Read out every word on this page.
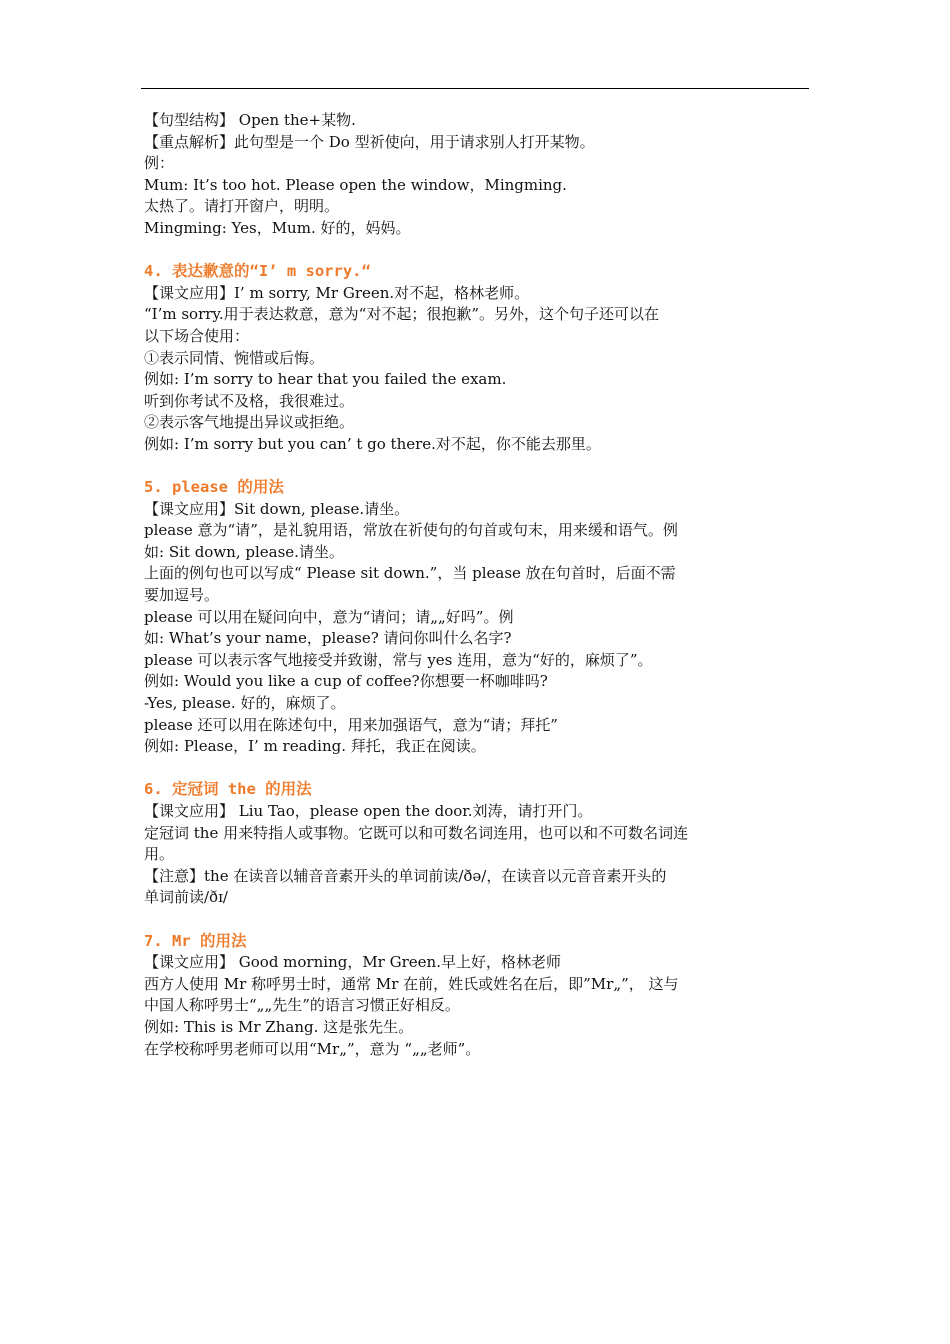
【句型结构】 Open the+某物.
【重点解析】此句型是一个 Do 型祈使向，用于请求别人打开某物。
例：
Mum: It’s too hot. Please open the window，Mingming.
太热了。请打开窗户，明明。
Mingming: Yes，Mum. 好的，妈妈。
4. 表达歉意的“I’ m sorry.“
【课文应用】I’ m sorry, Mr Green.对不起，格林老师。
“I’m sorry.用于表达救意，意为“对不起；很抱歉”。另外，这个句子还可以在
以下场合使用：
①表示同情、惋惜或后悔。
例如: I’m sorry to hear that you failed the exam.
听到你考试不及格，我很难过。
②表示客气地提出异议或拒绝。
例如: I’m sorry but you can’ t go there.对不起，你不能去那里。
5. please 的用法
【课文应用】Sit down, please.请坐。
please 意为“请”，是礼貌用语，常放在祈使句的句首或句末，用来缓和语气。例
如: Sit down, please.请坐。
上面的例句也可以写成“ Please sit down.”，当 please 放在句首时，后面不需
要加逗号。
please 可以用在疑问向中，意为“请问；请„„好吗”。例
如: What’s your name，please? 请问你叫什么名字?
please 可以表示客气地接受并致谢，常与 yes 连用，意为“好的，麻烦了”。
例如: Would you like a cup of coffee?你想要一杯咖啡吗?
-Yes, please. 好的，麻烦了。
please 还可以用在陈述句中，用来加强语气，意为“请；拜托”
例如: Please，I’ m reading. 拜托，我正在阅读。
6. 定冠词 the 的用法
【课文应用】 Liu Tao，please open the door.刘涛，请打开门。
定冠词 the 用来特指人或事物。它既可以和可数名词连用，也可以和不可数名词连
用。
【注意】the 在读音以辅音音素开头的单词前读/ðə/，在读音以元音音素开头的
单词前读/ðɪ/
7. Mr 的用法
【课文应用】 Good morning，Mr Green.早上好，格林老师
西方人使用 Mr 称呼男士时，通常 Mr 在前，姓氏或姓名在后，即”Mr„”， 这与
中国人称呼男士“„„先生”的语言习惯正好相反。
例如: This is Mr Zhang. 这是张先生。
在学校称呼男老师可以用“Mr„”，意为 “„„老师”。
